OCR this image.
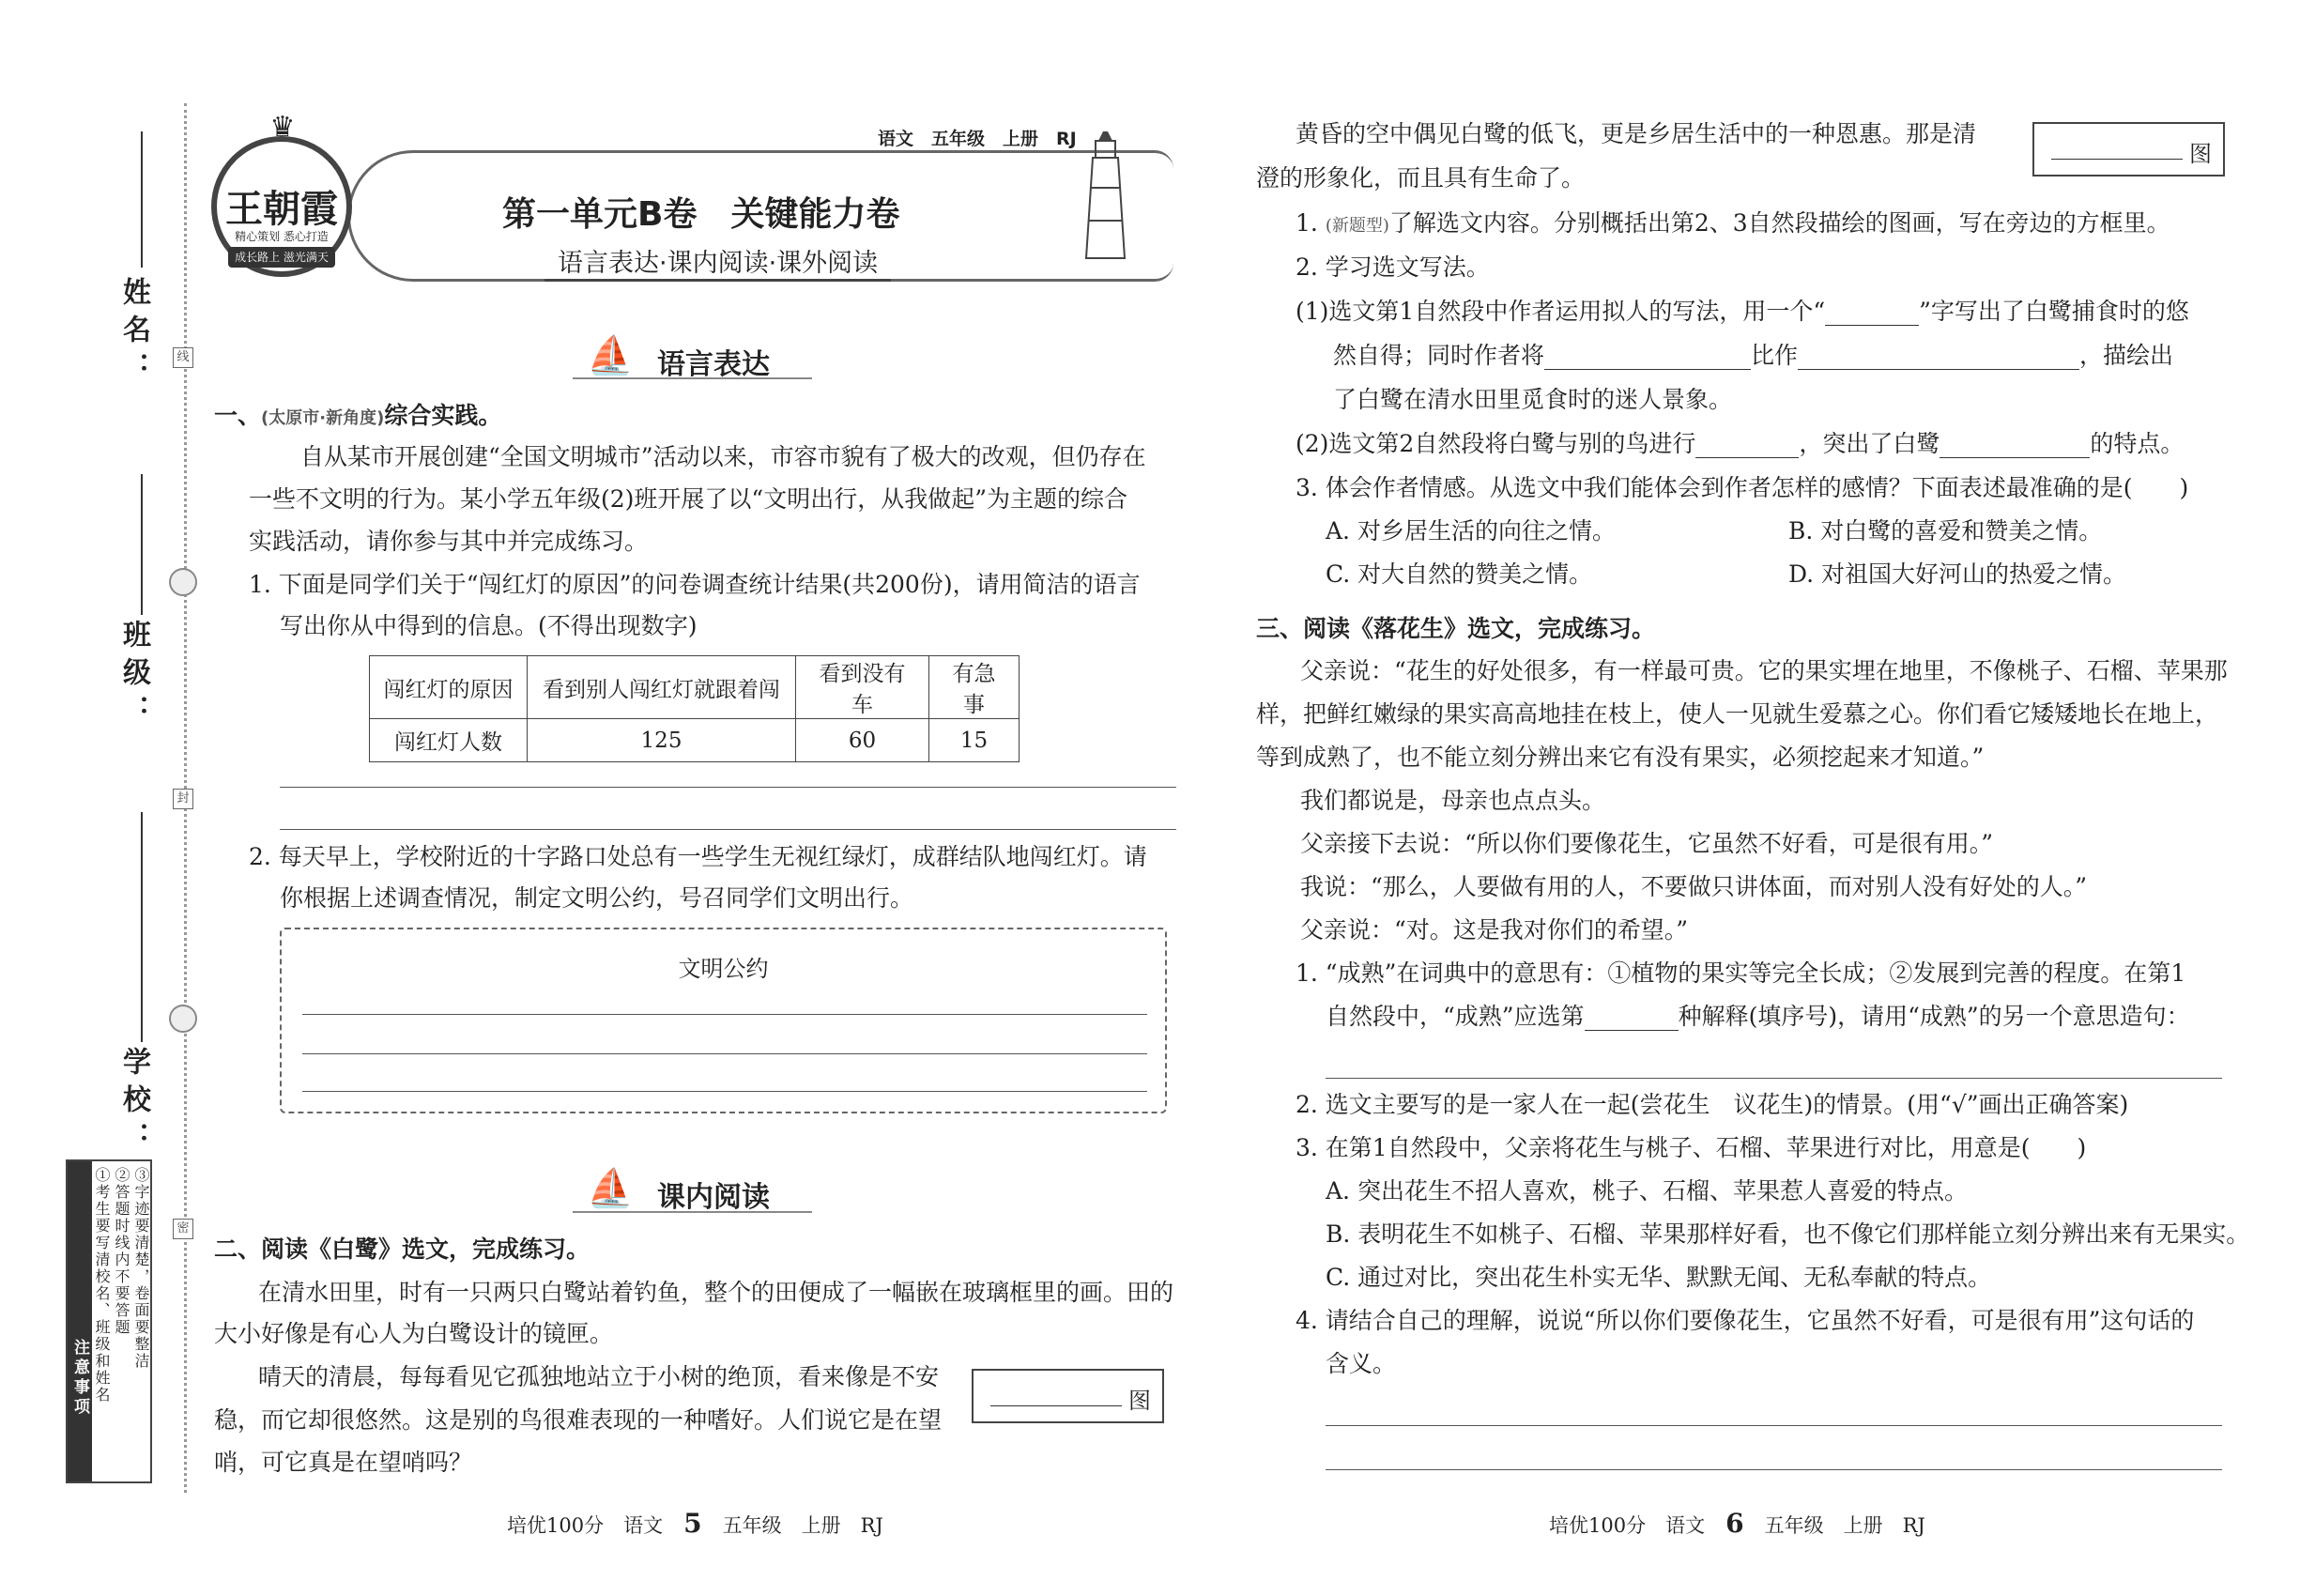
姓名：
班级：
学校：
线
封
密
注意事项 ①考生要写清校名、班级和姓名 ②答题时线内不要答题 ③字迹要清楚，卷面要整洁
♛
王朝霞
精心策划 悉心打造
成长路上 滋光满天
语文　五年级　上册　RJ
第一单元B卷　关键能力卷
语言表达·课内阅读·课外阅读
⛵ 语言表达
一、(太原市·新角度)综合实践。
自从某市开展创建“全国文明城市”活动以来，市容市貌有了极大的改观，但仍存在
一些不文明的行为。某小学五年级(2)班开展了以“文明出行，从我做起”为主题的综合
实践活动，请你参与其中并完成练习。
1. 下面是同学们关于“闯红灯的原因”的问卷调查统计结果(共200份)，请用简洁的语言
写出你从中得到的信息。(不得出现数字)
闯红灯的原因	看到别人闯红灯就跟着闯	看到没有车	有急事
闯红灯人数	125	60	15
2. 每天早上，学校附近的十字路口处总有一些学生无视红绿灯，成群结队地闯红灯。请
你根据上述调查情况，制定文明公约，号召同学们文明出行。
文明公约
⛵ 课内阅读
二、阅读《白鹭》选文，完成练习。
在清水田里，时有一只两只白鹭站着钓鱼，整个的田便成了一幅嵌在玻璃框里的画。田的
大小好像是有心人为白鹭设计的镜匣。
晴天的清晨，每每看见它孤独地站立于小树的绝顶，看来像是不安
稳，而它却很悠然。这是别的鸟很难表现的一种嗜好。人们说它是在望
哨，可它真是在望哨吗？
图
黄昏的空中偶见白鹭的低飞，更是乡居生活中的一种恩惠。那是清
澄的形象化，而且具有生命了。
图
1. (新题型)了解选文内容。分别概括出第2、3自然段描绘的图画，写在旁边的方框里。
2. 学习选文写法。
(1)选文第1自然段中作者运用拟人的写法，用一个“	”字写出了白鹭捕食时的悠
然自得；同时作者将	比作	，描绘出
了白鹭在清水田里觅食时的迷人景象。
(2)选文第2自然段将白鹭与别的鸟进行	，突出了白鹭	的特点。
3. 体会作者情感。从选文中我们能体会到作者怎样的感情？下面表述最准确的是(　　)
A. 对乡居生活的向往之情。	B. 对白鹭的喜爱和赞美之情。
C. 对大自然的赞美之情。	D. 对祖国大好河山的热爱之情。
三、阅读《落花生》选文，完成练习。
父亲说：“花生的好处很多，有一样最可贵。它的果实埋在地里，不像桃子、石榴、苹果那
样，把鲜红嫩绿的果实高高地挂在枝上，使人一见就生爱慕之心。你们看它矮矮地长在地上，
等到成熟了，也不能立刻分辨出来它有没有果实，必须挖起来才知道。”
我们都说是，母亲也点点头。
父亲接下去说：“所以你们要像花生，它虽然不好看，可是很有用。”
我说：“那么，人要做有用的人，不要做只讲体面，而对别人没有好处的人。”
父亲说：“对。这是我对你们的希望。”
1. “成熟”在词典中的意思有：①植物的果实等完全长成；②发展到完善的程度。在第1
自然段中，“成熟”应选第	种解释(填序号)，请用“成熟”的另一个意思造句：
2. 选文主要写的是一家人在一起(尝花生　议花生)的情景。(用“√”画出正确答案)
3. 在第1自然段中，父亲将花生与桃子、石榴、苹果进行对比，用意是(　　)
A. 突出花生不招人喜欢，桃子、石榴、苹果惹人喜爱的特点。
B. 表明花生不如桃子、石榴、苹果那样好看，也不像它们那样能立刻分辨出来有无果实。
C. 通过对比，突出花生朴实无华、默默无闻、无私奉献的特点。
4. 请结合自己的理解，说说“所以你们要像花生，它虽然不好看，可是很有用”这句话的
含义。
培优100分　语文 5 五年级　上册　RJ	培优100分　语文 6 五年级　上册　RJ
